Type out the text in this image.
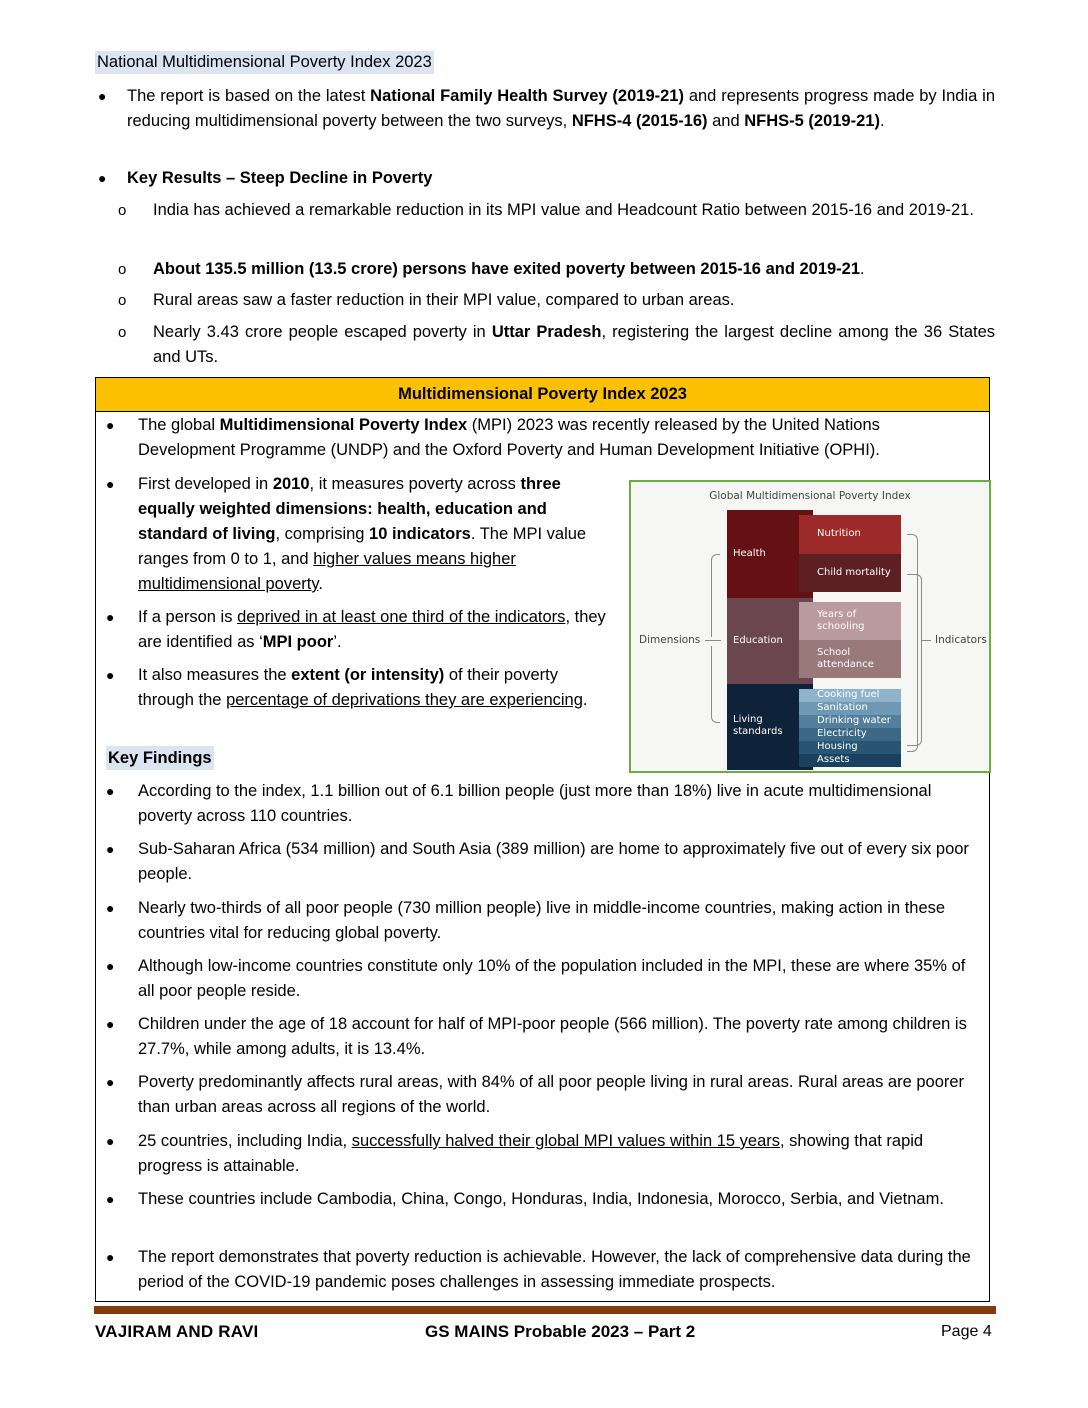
National Multidimensional Poverty Index 2023
● The report is based on the latest National Family Health Survey (2019-21) and represents progress made by India in reducing multidimensional poverty between the two surveys, NFHS-4 (2015-16) and NFHS-5 (2019-21).
● Key Results – Steep Decline in Poverty
o India has achieved a remarkable reduction in its MPI value and Headcount Ratio between 2015-16 and 2019-21.
o About 135.5 million (13.5 crore) persons have exited poverty between 2015-16 and 2019-21.
o Rural areas saw a faster reduction in their MPI value, compared to urban areas.
o Nearly 3.43 crore people escaped poverty in Uttar Pradesh, registering the largest decline among the 36 States and UTs.
Multidimensional Poverty Index 2023
● The global Multidimensional Poverty Index (MPI) 2023 was recently released by the United Nations Development Programme (UNDP) and the Oxford Poverty and Human Development Initiative (OPHI).
● First developed in 2010, it measures poverty across three equally weighted dimensions: health, education and standard of living, comprising 10 indicators. The MPI value ranges from 0 to 1, and higher values means higher multidimensional poverty.
● If a person is deprived in at least one third of the indicators, they are identified as ‘MPI poor’.
● It also measures the extent (or intensity) of their poverty through the percentage of deprivations they are experiencing.
Key Findings
Global Multidimensional Poverty Index
Health
Education
Living standards
Nutrition
Child mortality
Years of schooling
School attendance
Cooking fuel
Sanitation
Drinking water
Electricity
Housing
Assets
Dimensions	Indicators
● According to the index, 1.1 billion out of 6.1 billion people (just more than 18%) live in acute multidimensional poverty across 110 countries.
● Sub-Saharan Africa (534 million) and South Asia (389 million) are home to approximately five out of every six poor people.
● Nearly two-thirds of all poor people (730 million people) live in middle-income countries, making action in these countries vital for reducing global poverty.
● Although low-income countries constitute only 10% of the population included in the MPI, these are where 35% of all poor people reside.
● Children under the age of 18 account for half of MPI-poor people (566 million). The poverty rate among children is 27.7%, while among adults, it is 13.4%.
● Poverty predominantly affects rural areas, with 84% of all poor people living in rural areas. Rural areas are poorer than urban areas across all regions of the world.
● 25 countries, including India, successfully halved their global MPI values within 15 years, showing that rapid progress is attainable.
● These countries include Cambodia, China, Congo, Honduras, India, Indonesia, Morocco, Serbia, and Vietnam.
● The report demonstrates that poverty reduction is achievable. However, the lack of comprehensive data during the period of the COVID-19 pandemic poses challenges in assessing immediate prospects.
VAJIRAM AND RAVI	GS MAINS Probable 2023 – Part 2	Page 4
